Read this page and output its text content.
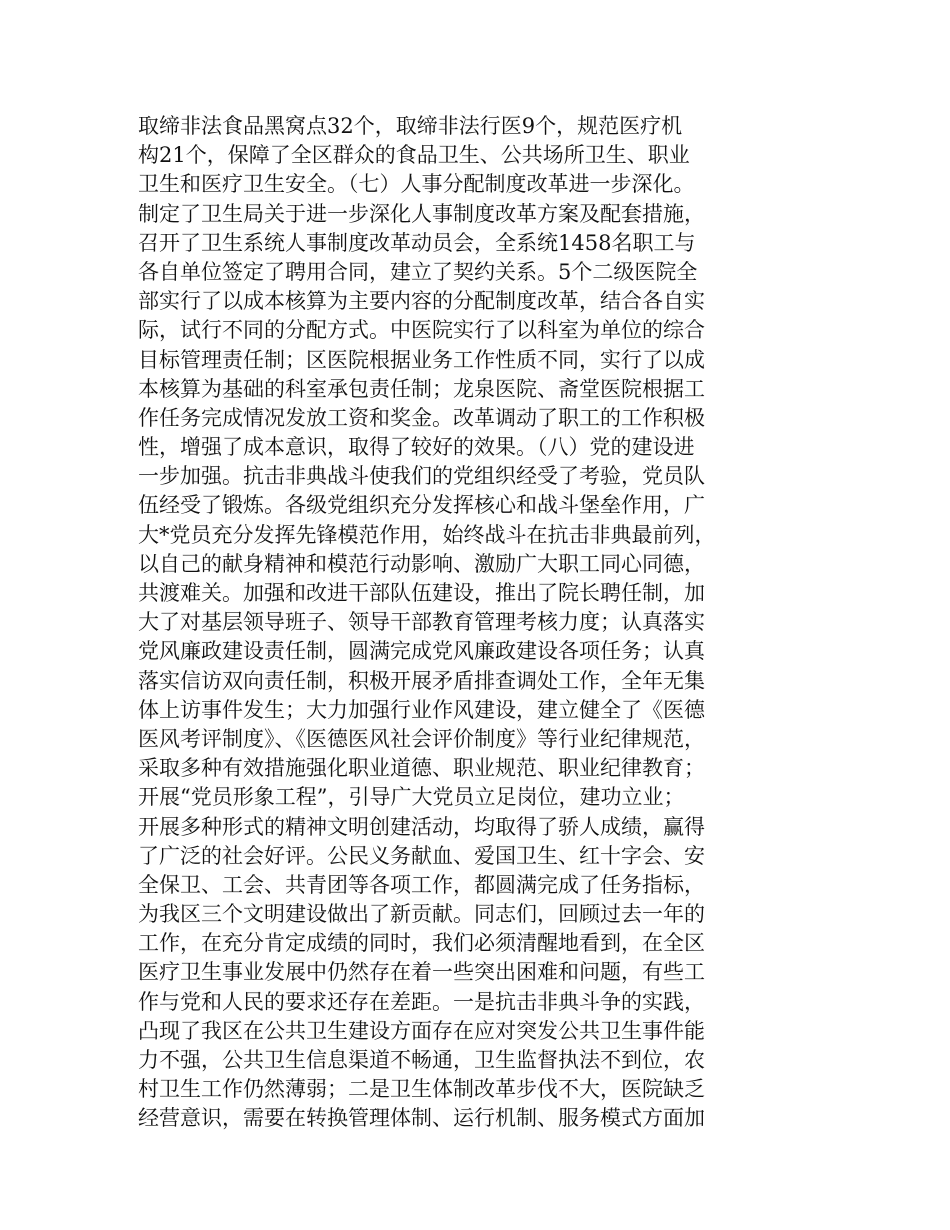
取缔非法食品黑窝点32个，取缔非法行医9个，规范医疗机
构21个，保障了全区群众的食品卫生、公共场所卫生、职业
卫生和医疗卫生安全。（七）人事分配制度改革进一步深化。
制定了卫生局关于进一步深化人事制度改革方案及配套措施，
召开了卫生系统人事制度改革动员会，全系统1458名职工与
各自单位签定了聘用合同，建立了契约关系。5个二级医院全
部实行了以成本核算为主要内容的分配制度改革，结合各自实
际，试行不同的分配方式。中医院实行了以科室为单位的综合
目标管理责任制；区医院根据业务工作性质不同，实行了以成
本核算为基础的科室承包责任制；龙泉医院、斋堂医院根据工
作任务完成情况发放工资和奖金。改革调动了职工的工作积极
性，增强了成本意识，取得了较好的效果。（八）党的建设进
一步加强。抗击非典战斗使我们的党组织经受了考验，党员队
伍经受了锻炼。各级党组织充分发挥核心和战斗堡垒作用，广
大*党员充分发挥先锋模范作用，始终战斗在抗击非典最前列，
以自己的献身精神和模范行动影响、激励广大职工同心同德，
共渡难关。加强和改进干部队伍建设，推出了院长聘任制，加
大了对基层领导班子、领导干部教育管理考核力度；认真落实
党风廉政建设责任制，圆满完成党风廉政建设各项任务；认真
落实信访双向责任制，积极开展矛盾排查调处工作，全年无集
体上访事件发生；大力加强行业作风建设，建立健全了《医德
医风考评制度》、《医德医风社会评价制度》等行业纪律规范，
采取多种有效措施强化职业道德、职业规范、职业纪律教育；
开展“党员形象工程”，引导广大党员立足岗位，建功立业；
开展多种形式的精神文明创建活动，均取得了骄人成绩，赢得
了广泛的社会好评。公民义务献血、爱国卫生、红十字会、安
全保卫、工会、共青团等各项工作，都圆满完成了任务指标，
为我区三个文明建设做出了新贡献。同志们，回顾过去一年的
工作，在充分肯定成绩的同时，我们必须清醒地看到，在全区
医疗卫生事业发展中仍然存在着一些突出困难和问题，有些工
作与党和人民的要求还存在差距。一是抗击非典斗争的实践，
凸现了我区在公共卫生建设方面存在应对突发公共卫生事件能
力不强，公共卫生信息渠道不畅通，卫生监督执法不到位，农
村卫生工作仍然薄弱；二是卫生体制改革步伐不大，医院缺乏
经营意识，需要在转换管理体制、运行机制、服务模式方面加
